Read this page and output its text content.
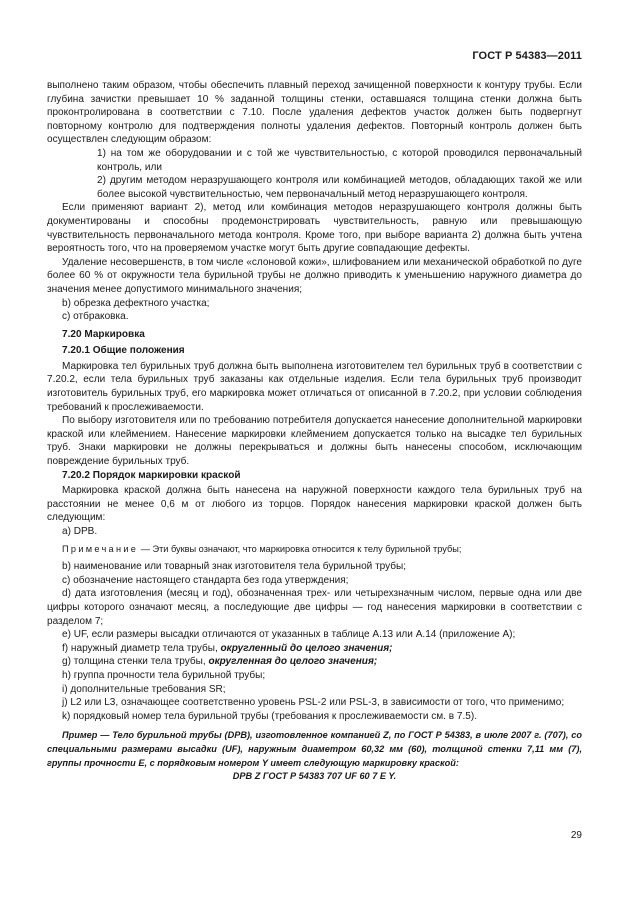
ГОСТ Р 54383—2011

выполнено таким образом, чтобы обеспечить плавный переход зачищенной поверхности к контуру трубы. Если глубина зачистки превышает 10 % заданной толщины стенки, оставшаяся толщина стенки должна быть проконтролирована в соответствии с 7.10. После удаления дефектов участок должен быть подвергнут повторному контролю для подтверждения полноты удаления дефектов. Повторный контроль должен быть осуществлен следующим образом:

1) на том же оборудовании и с той же чувствительностью, с которой проводился первоначальный контроль, или

2) другим методом неразрушающего контроля или комбинацией методов, обладающих такой же или более высокой чувствительностью, чем первоначальный метод неразрушающего контроля.

Если применяют вариант 2), метод или комбинация методов неразрушающего контроля должны быть документированы и способны продемонстрировать чувствительность, равную или превышающую чувствительность первоначального метода контроля. Кроме того, при выборе варианта 2) должна быть учтена вероятность того, что на проверяемом участке могут быть другие совпадающие дефекты.

Удаление несовершенств, в том числе «слоновой кожи», шлифованием или механической обработкой по дуге более 60 % от окружности тела бурильной трубы не должно приводить к уменьшению наружного диаметра до значения менее допустимого минимального значения;

b) обрезка дефектного участка;

c) отбраковка.

7.20 Маркировка

7.20.1 Общие положения

Маркировка тел бурильных труб должна быть выполнена изготовителем тел бурильных труб в соответствии с 7.20.2, если тела бурильных труб заказаны как отдельные изделия. Если тела бурильных труб производит изготовитель бурильных труб, его маркировка может отличаться от описанной в 7.20.2, при условии соблюдения требований к прослеживаемости.

По выбору изготовителя или по требованию потребителя допускается нанесение дополнительной маркировки краской или клеймением. Нанесение маркировки клеймением допускается только на высадке тел бурильных труб. Знаки маркировки не должны перекрываться и должны быть нанесены способом, исключающим повреждение бурильных труб.

7.20.2 Порядок маркировки краской

Маркировка краской должна быть нанесена на наружной поверхности каждого тела бурильных труб на расстоянии не менее 0,6 м от любого из торцов. Порядок нанесения маркировки краской должен быть следующим:

a) DPB.

Примечание — Эти буквы означают, что маркировка относится к телу бурильной трубы;

b) наименование или товарный знак изготовителя тела бурильной трубы;

c) обозначение настоящего стандарта без года утверждения;

d) дата изготовления (месяц и год), обозначенная трех- или четырехзначным числом, первые одна или две цифры которого означают месяц, а последующие две цифры — год нанесения маркировки в соответствии с разделом 7;

e) UF, если размеры высадки отличаются от указанных в таблице А.13 или А.14 (приложение А);

f) наружный диаметр тела трубы, округленный до целого значения;

g) толщина стенки тела трубы, округленная до целого значения;

h) группа прочности тела бурильной трубы;

i) дополнительные требования SR;

j) L2 или L3, означающее соответственно уровень PSL-2 или PSL-3, в зависимости от того, что применимо;

k) порядковый номер тела бурильной трубы (требования к прослеживаемости см. в 7.5).

Пример — Тело бурильной трубы (DPB), изготовленное компанией Z, по ГОСТ Р 54383, в июле 2007 г. (707), со специальными размерами высадки (UF), наружным диаметром 60,32 мм (60), толщиной стенки 7,11 мм (7), группы прочности Е, с порядковым номером Y имеет следующую маркировку краской:

DPB Z ГОСТ Р 54383 707 UF 60 7 E Y.

29
